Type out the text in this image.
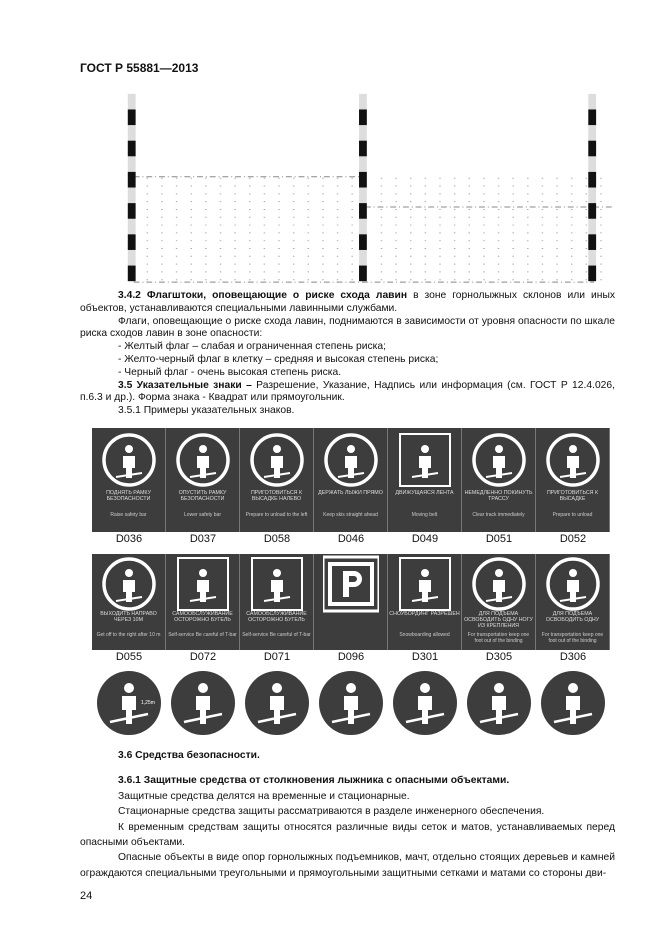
ГОСТ Р 55881—2013
3.4.2 Флагштоки, оповещающие о риске схода лавин в зоне горнолыжных склонов или иных объектов, устанавливаются специальными лавинными службами.
Флаги, оповещающие о риске схода лавин, поднимаются в зависимости от уровня опасности по шкале риска сходов лавин в зоне опасности:
- Желтый флаг – слабая и ограниченная степень риска;
- Желто-черный флаг в клетку – средняя и высокая степень риска;
- Черный флаг - очень высокая степень риска.
3.5 Указательные знаки – Разрешение, Указание, Надпись или информация (см. ГОСТ Р 12.4.026, п.6.3 и др.). Форма знака - Квадрат или прямоугольник.
3.5.1 Примеры указательных знаков.
ПОДНЯТЬ РАМКУ БЕЗОПАСНОСТИ
Raise safety bar
D036
ОПУСТИТЬ РАМКУ БЕЗОПАСНОСТИ
Lower safety bar
D037
ПРИГОТОВИТЬСЯ К ВЫСАДКЕ НАЛЕВО
Prepare to unload to the left
D058
ДЕРЖАТЬ ЛЫЖИ ПРЯМО
Keep skis straight ahead
D046
ДВИЖУЩАЯСЯ ЛЕНТА
Moving belt
D049
НЕМЕДЛЕННО ПОКИНУТЬ ТРАССУ
Clear track immediately
D051
ПРИГОТОВИТЬСЯ К ВЫСАДКЕ
Prepare to unload
D052
ВЫХОДИТЬ НАПРАВО ЧЕРЕЗ 10М
Get off to the right after 10 m
D055
САМООБСЛУЖИВАНИЕ ОСТОРОЖНО БУГЕЛЬ
Self-service Be careful of T-bar
D072
САМООБСЛУЖИВАНИЕ ОСТОРОЖНО БУГЕЛЬ
Self-service Be careful of T-bar
D071	D096
СНОУБОРДИНГ РАЗРЕШЕН
Snowboarding allowed
D301
ДЛЯ ПОДЪЕМА ОСВОБОДИТЬ ОДНУ НОГУ ИЗ КРЕПЛЕНИЯ
For transportation keep one foot out of the binding
D305
ДЛЯ ПОДЪЕМА ОСВОБОДИТЬ ОДНУ
For transportation keep one foot out of the binding
D306
1,25m
3.6 Средства безопасности.
3.6.1 Защитные средства от столкновения лыжника с опасными объектами.
Защитные средства делятся на временные и стационарные.
Стационарные средства защиты рассматриваются в разделе инженерного обеспечения.
К временным средствам защиты относятся различные виды сеток и матов, устанавливаемых перед опасными объектами.
Опасные объекты в виде опор горнолыжных подъемников, мачт, отдельно стоящих деревьев и камней ограждаются специальными треугольными и прямоугольными защитными сетками и матами со стороны дви-
24
